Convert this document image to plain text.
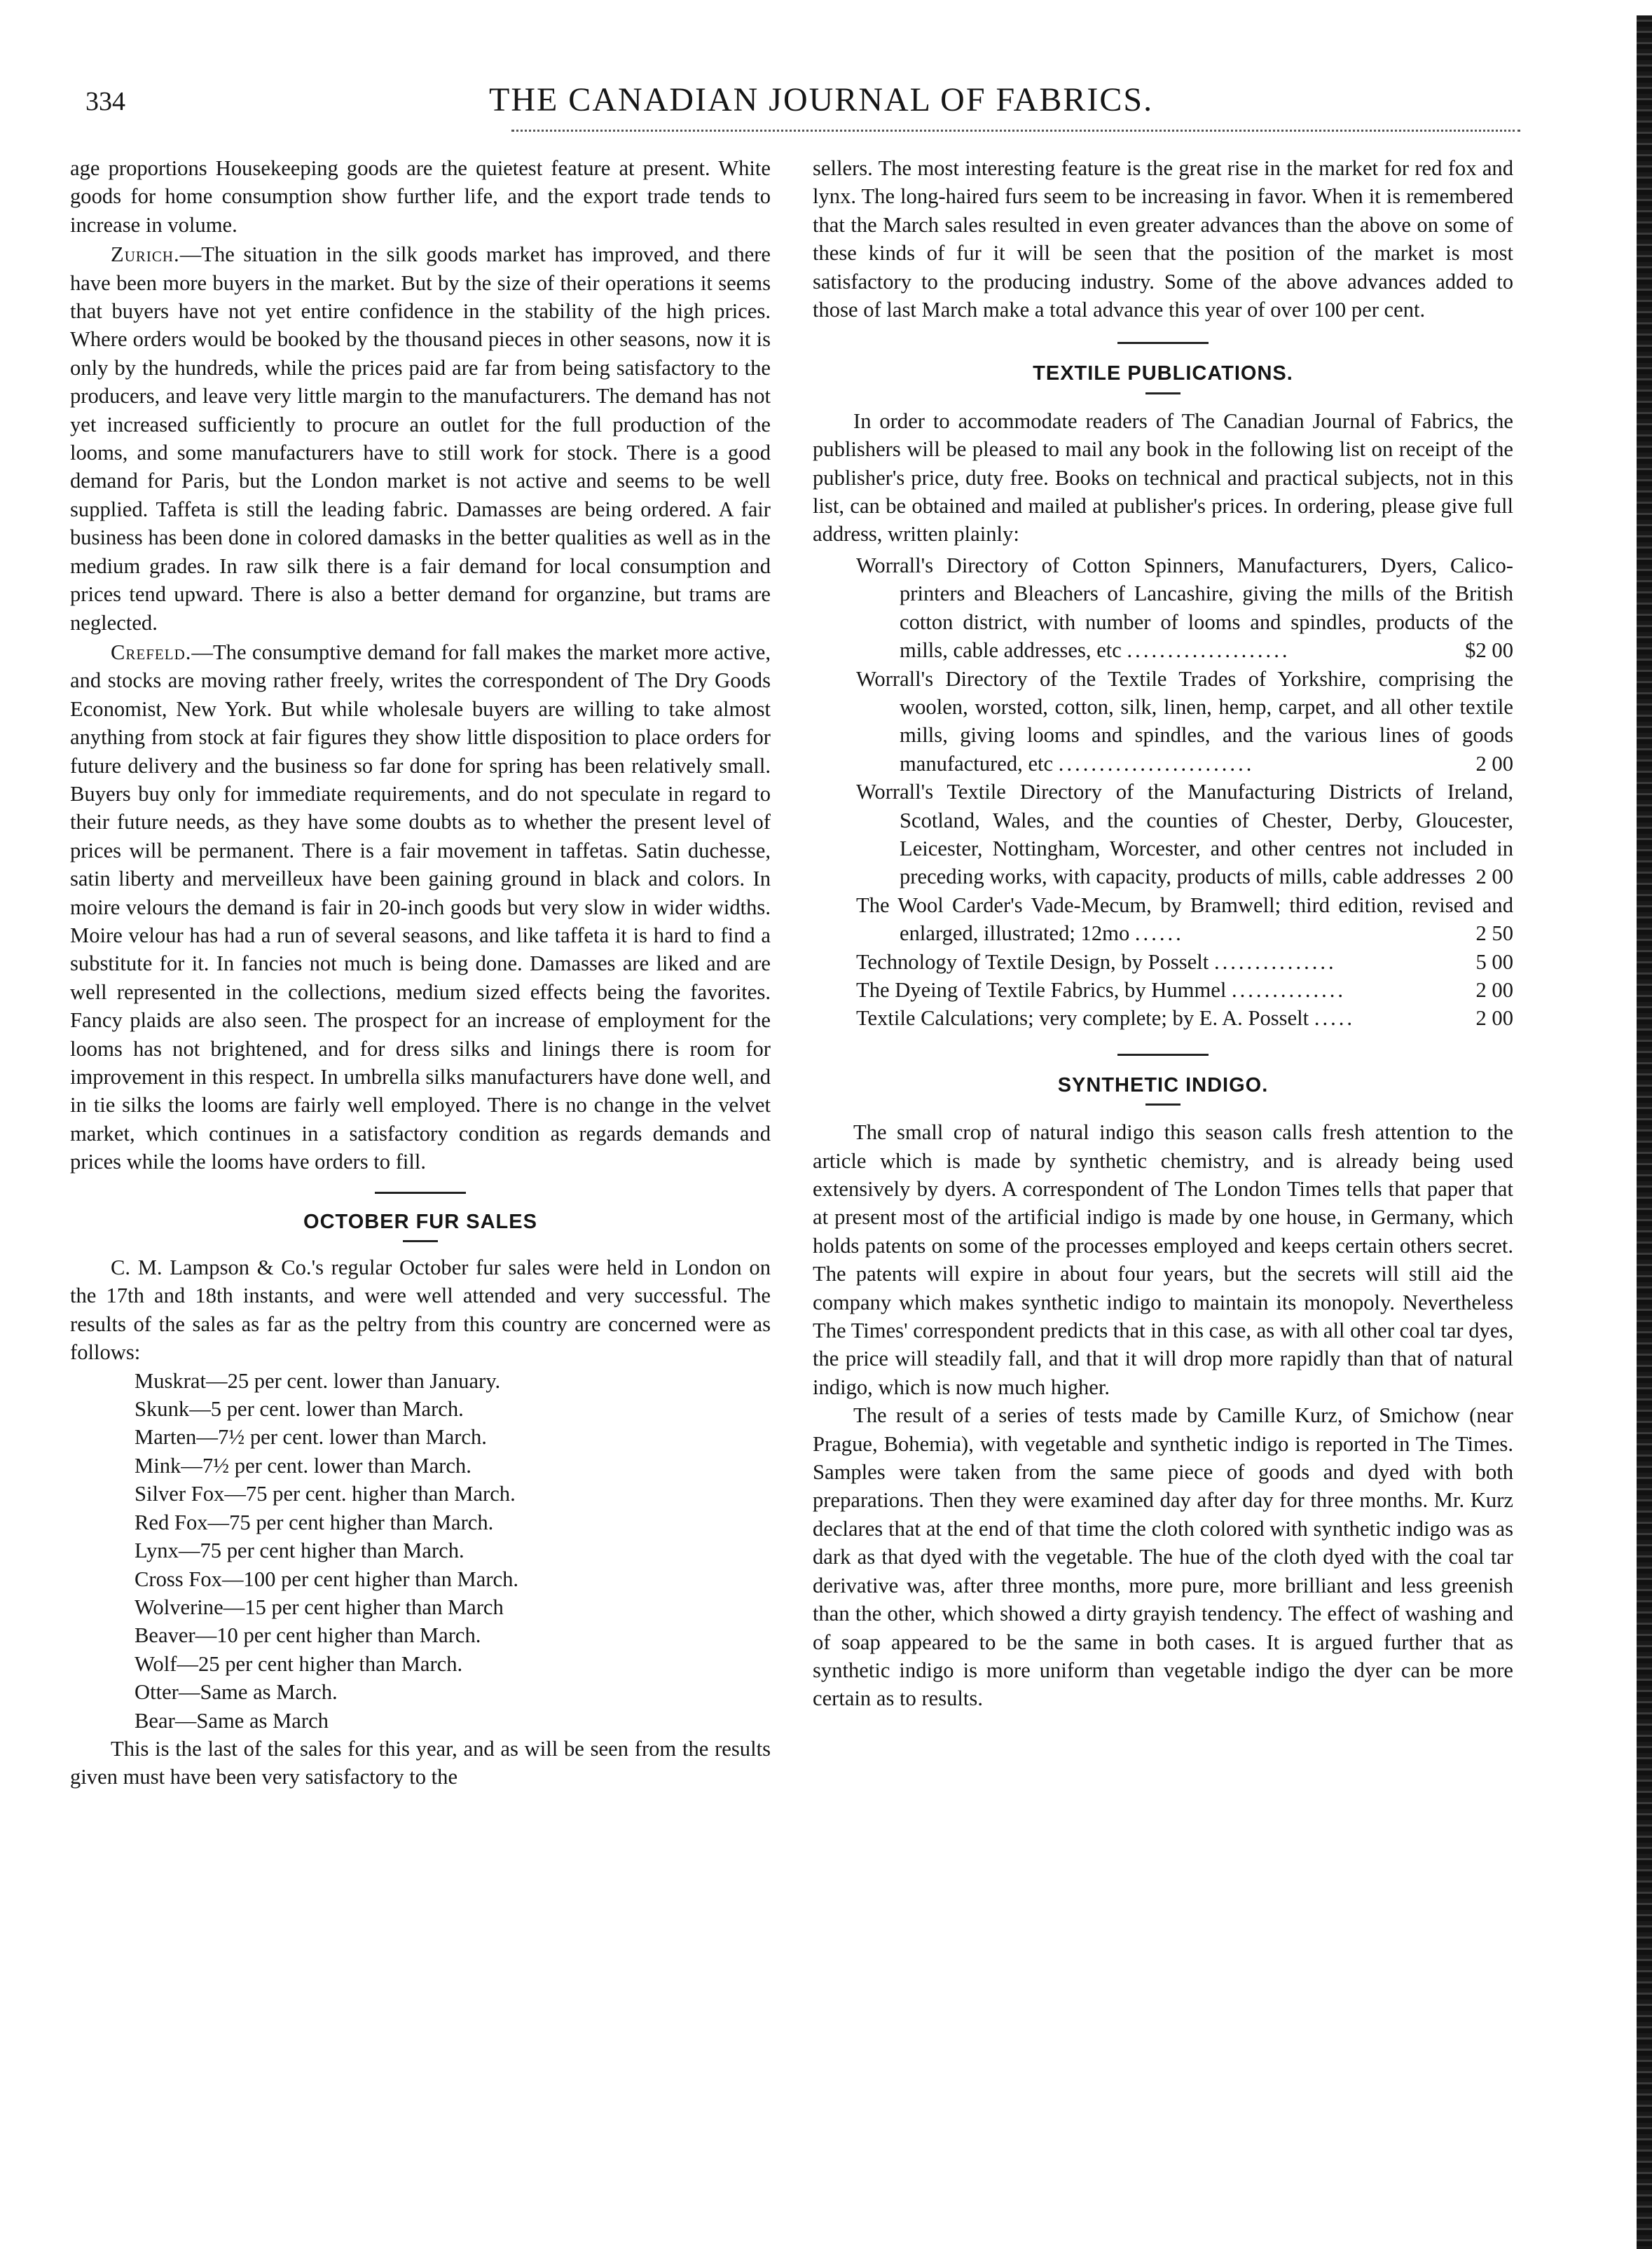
334	THE CANADIAN JOURNAL OF FABRICS.

age proportions Housekeeping goods are the quietest feature at present. White goods for home consumption show further life, and the export trade tends to increase in volume.

Zurich.—The situation in the silk goods market has improved, and there have been more buyers in the market. But by the size of their operations it seems that buyers have not yet entire confidence in the stability of the high prices. Where orders would be booked by the thousand pieces in other seasons, now it is only by the hundreds, while the prices paid are far from being satisfactory to the producers, and leave very little margin to the manufacturers. The demand has not yet increased sufficiently to procure an outlet for the full production of the looms, and some manufacturers have to still work for stock. There is a good demand for Paris, but the London market is not active and seems to be well supplied. Taffeta is still the leading fabric. Damasses are being ordered. A fair business has been done in colored damasks in the better qualities as well as in the medium grades. In raw silk there is a fair demand for local consumption and prices tend upward. There is also a better demand for organzine, but trams are neglected.

Crefeld.—The consumptive demand for fall makes the market more active, and stocks are moving rather freely, writes the correspondent of The Dry Goods Economist, New York. But while wholesale buyers are willing to take almost anything from stock at fair figures they show little disposition to place orders for future delivery and the business so far done for spring has been relatively small. Buyers buy only for immediate requirements, and do not speculate in regard to their future needs, as they have some doubts as to whether the present level of prices will be permanent. There is a fair movement in taffetas. Satin duchesse, satin liberty and merveilleux have been gaining ground in black and colors. In moire velours the demand is fair in 20-inch goods but very slow in wider widths. Moire velour has had a run of several seasons, and like taffeta it is hard to find a substitute for it. In fancies not much is being done. Damasses are liked and are well represented in the collections, medium sized effects being the favorites. Fancy plaids are also seen. The prospect for an increase of employment for the looms has not brightened, and for dress silks and linings there is room for improvement in this respect. In umbrella silks manufacturers have done well, and in tie silks the looms are fairly well employed. There is no change in the velvet market, which continues in a satisfactory condition as regards demands and prices while the looms have orders to fill.

OCTOBER FUR SALES

C. M. Lampson & Co.'s regular October fur sales were held in London on the 17th and 18th instants, and were well attended and very successful. The results of the sales as far as the peltry from this country are concerned were as follows:

Muskrat—25 per cent. lower than January.
Skunk—5 per cent. lower than March.
Marten—7½ per cent. lower than March.
Mink—7½ per cent. lower than March.
Silver Fox—75 per cent. higher than March.
Red Fox—75 per cent higher than March.
Lynx—75 per cent higher than March.
Cross Fox—100 per cent higher than March.
Wolverine—15 per cent higher than March
Beaver—10 per cent higher than March.
Wolf—25 per cent higher than March.
Otter—Same as March.
Bear—Same as March

This is the last of the sales for this year, and as will be seen from the results given must have been very satisfactory to the

sellers. The most interesting feature is the great rise in the market for red fox and lynx. The long-haired furs seem to be increasing in favor. When it is remembered that the March sales resulted in even greater advances than the above on some of these kinds of fur it will be seen that the position of the market is most satisfactory to the producing industry. Some of the above advances added to those of last March make a total advance this year of over 100 per cent.

TEXTILE PUBLICATIONS.

In order to accommodate readers of The Canadian Journal of Fabrics, the publishers will be pleased to mail any book in the following list on receipt of the publisher's price, duty free. Books on technical and practical subjects, not in this list, can be obtained and mailed at publisher's prices. In ordering, please give full address, written plainly:

Worrall's Directory of Cotton Spinners, Manufacturers, Dyers, Calico-printers and Bleachers of Lancashire, giving the mills of the British cotton district, with number of looms and spindles, products of the mills, cable addresses, etc ....................	$2 00

Worrall's Directory of the Textile Trades of Yorkshire, comprising the woolen, worsted, cotton, silk, linen, hemp, carpet, and all other textile mills, giving looms and spindles, and the various lines of goods manufactured, etc ........................	2 00

Worrall's Textile Directory of the Manufacturing Districts of Ireland, Scotland, Wales, and the counties of Chester, Derby, Gloucester, Leicester, Nottingham, Worcester, and other centres not included in preceding works, with capacity, products of mills, cable addresses 2 00

The Wool Carder's Vade-Mecum, by Bramwell; third edition, revised and enlarged, illustrated; 12mo ......	2 50

Technology of Textile Design, by Posselt ...............	5 00

The Dyeing of Textile Fabrics, by Hummel ..............	2 00

Textile Calculations; very complete; by E. A. Posselt .....	2 00

SYNTHETIC INDIGO.

The small crop of natural indigo this season calls fresh attention to the article which is made by synthetic chemistry, and is already being used extensively by dyers. A correspondent of The London Times tells that paper that at present most of the artificial indigo is made by one house, in Germany, which holds patents on some of the processes employed and keeps certain others secret. The patents will expire in about four years, but the secrets will still aid the company which makes synthetic indigo to maintain its monopoly. Nevertheless The Times' correspondent predicts that in this case, as with all other coal tar dyes, the price will steadily fall, and that it will drop more rapidly than that of natural indigo, which is now much higher.

The result of a series of tests made by Camille Kurz, of Smichow (near Prague, Bohemia), with vegetable and synthetic indigo is reported in The Times. Samples were taken from the same piece of goods and dyed with both preparations. Then they were examined day after day for three months. Mr. Kurz declares that at the end of that time the cloth colored with synthetic indigo was as dark as that dyed with the vegetable. The hue of the cloth dyed with the coal tar derivative was, after three months, more pure, more brilliant and less greenish than the other, which showed a dirty grayish tendency. The effect of washing and of soap appeared to be the same in both cases. It is argued further that as synthetic indigo is more uniform than vegetable indigo the dyer can be more certain as to results.
